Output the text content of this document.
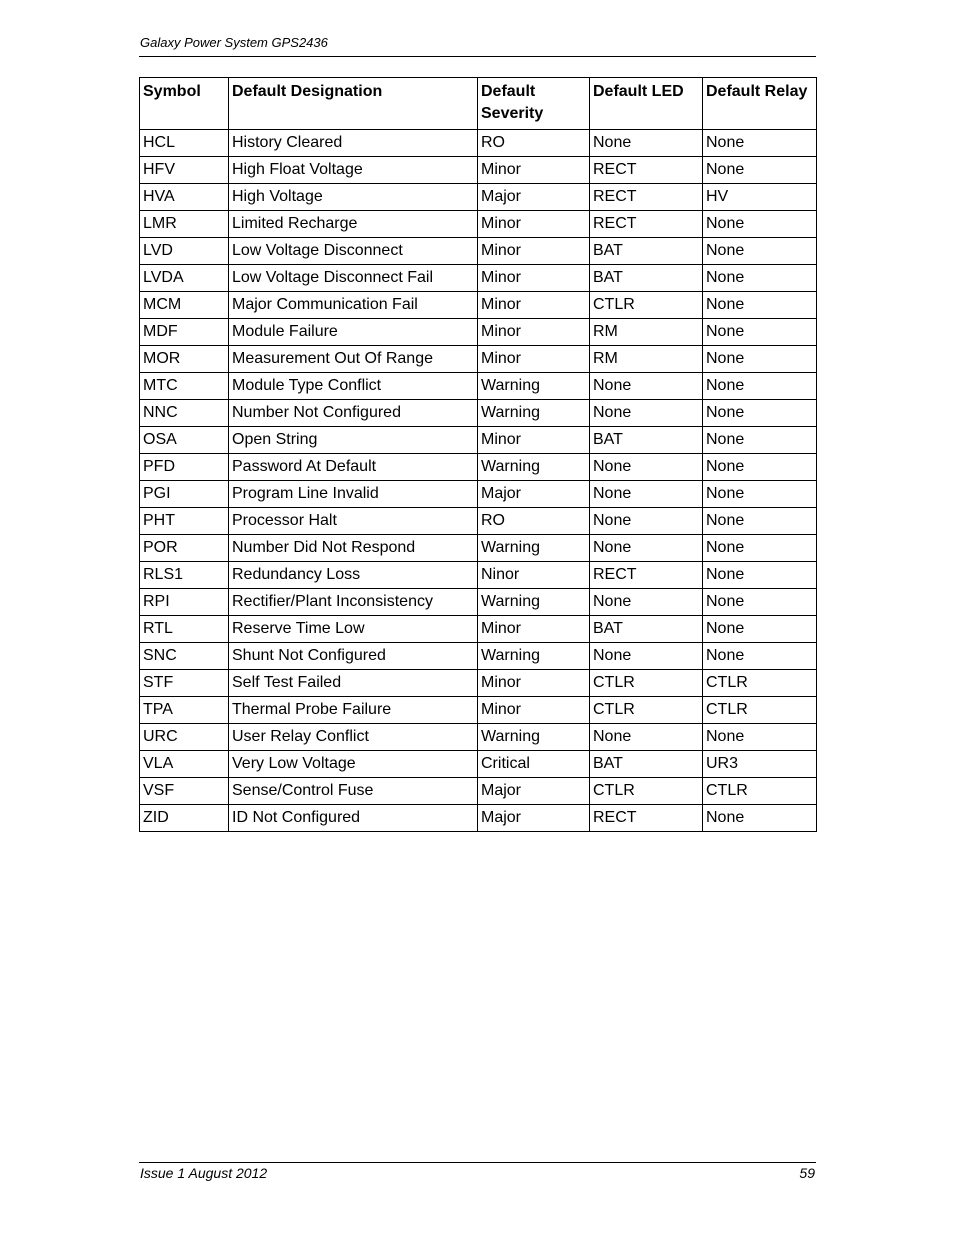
Galaxy Power System GPS2436
Symbol	Default Designation	Default Severity	Default LED	Default Relay
HCL	History Cleared	RO	None	None
HFV	High Float Voltage	Minor	RECT	None
HVA	High Voltage	Major	RECT	HV
LMR	Limited Recharge	Minor	RECT	None
LVD	Low Voltage Disconnect	Minor	BAT	None
LVDA	Low Voltage Disconnect Fail	Minor	BAT	None
MCM	Major Communication Fail	Minor	CTLR	None
MDF	Module Failure	Minor	RM	None
MOR	Measurement Out Of Range	Minor	RM	None
MTC	Module Type Conflict	Warning	None	None
NNC	Number Not Configured	Warning	None	None
OSA	Open String	Minor	BAT	None
PFD	Password At Default	Warning	None	None
PGI	Program Line Invalid	Major	None	None
PHT	Processor Halt	RO	None	None
POR	Number Did Not Respond	Warning	None	None
RLS1	Redundancy Loss	Ninor	RECT	None
RPI	Rectifier/Plant Inconsistency	Warning	None	None
RTL	Reserve Time Low	Minor	BAT	None
SNC	Shunt Not Configured	Warning	None	None
STF	Self Test Failed	Minor	CTLR	CTLR
TPA	Thermal Probe Failure	Minor	CTLR	CTLR
URC	User Relay Conflict	Warning	None	None
VLA	Very Low Voltage	Critical	BAT	UR3
VSF	Sense/Control Fuse	Major	CTLR	CTLR
ZID	ID Not Configured	Major	RECT	None
Issue 1 August 2012	59
